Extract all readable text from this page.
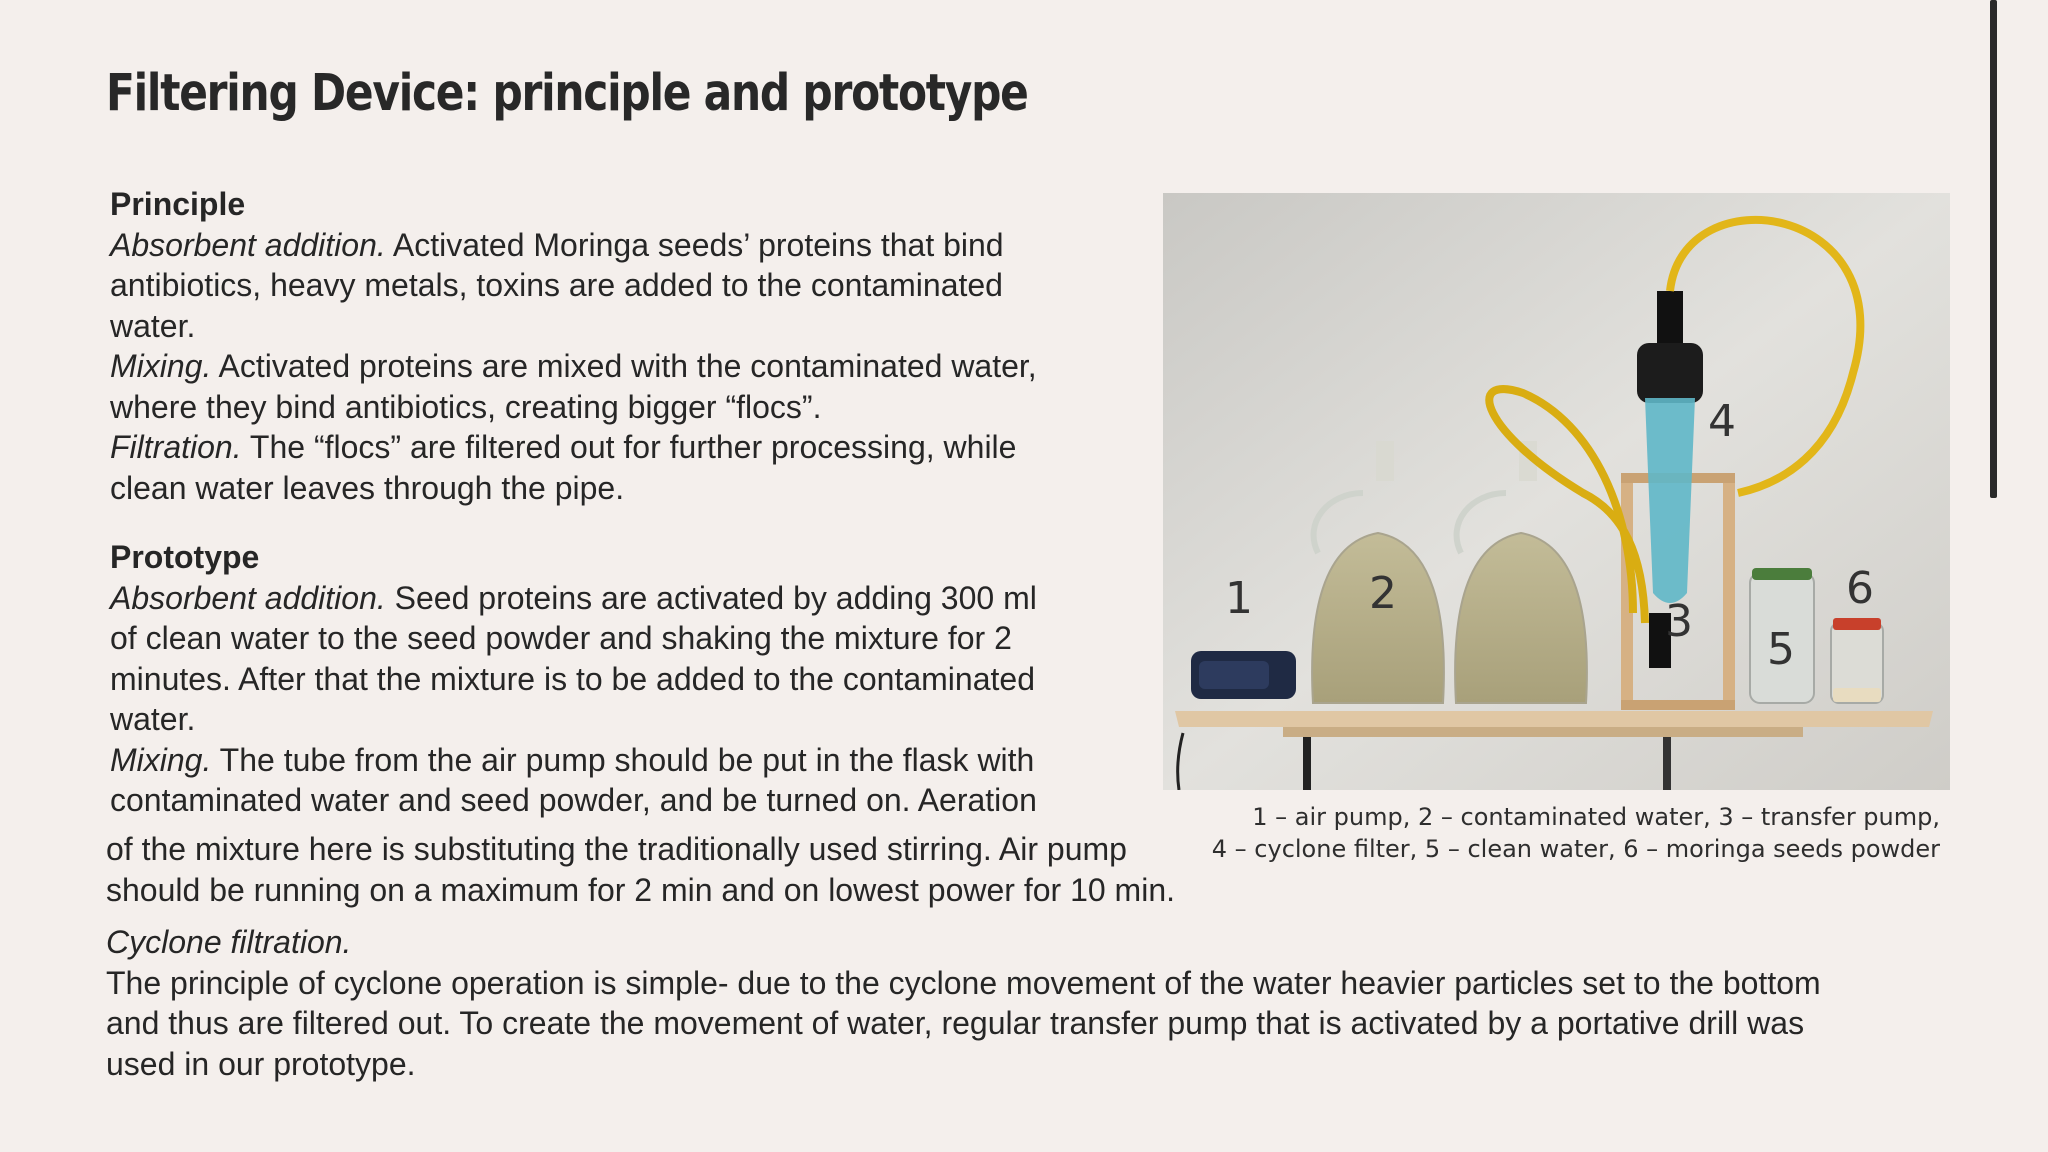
Filtering Device: principle and prototype

Principle

Absorbent addition. Activated Moringa seeds’ proteins that bind
antibiotics, heavy metals, toxins are added to the contaminated
water.

Mixing. Activated proteins are mixed with the contaminated water,
where they bind antibiotics, creating bigger “flocs”.

Filtration. The “flocs” are filtered out for further processing, while
clean water leaves through the pipe.

Prototype

Absorbent addition. Seed proteins are activated by adding 300 ml
of clean water to the seed powder and shaking the mixture for 2
minutes. After that the mixture is to be added to the contaminated
water.

Mixing. The tube from the air pump should be put in the flask with
contaminated water and seed powder, and be turned on. Aeration

of the mixture here is substituting the traditionally used stirring. Air pump

should be running on a maximum for 2 min and on lowest power for 10 min.

Cyclone filtration.

The principle of cyclone operation is simple- due to the cyclone movement of the water heavier particles set to the bottom

and thus are filtered out. To create the movement of water, regular transfer pump that is activated by a portative drill was

used in our prototype.

1	2
3
4
5
6
1 – air pump, 2 – contaminated water, 3 – transfer pump,
4 – cyclone filter, 5 – clean water, 6 – moringa seeds powder
